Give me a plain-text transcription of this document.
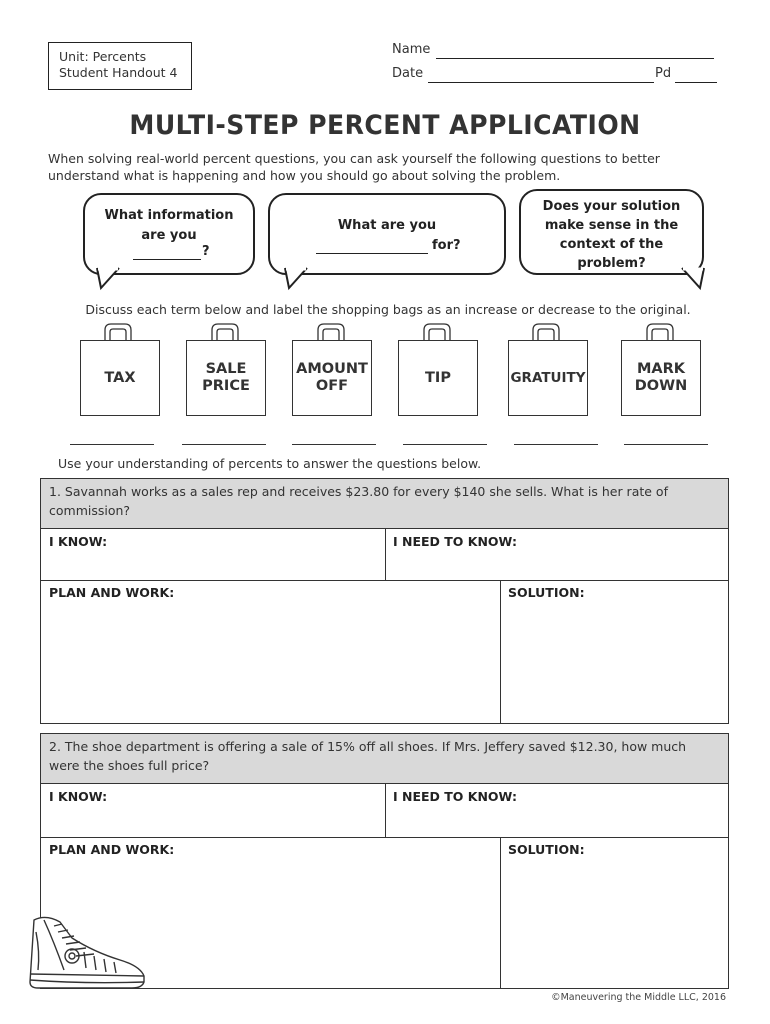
Unit: Percents
Student Handout 4
Name
Date	Pd
MULTI-STEP PERCENT APPLICATION
When solving real-world percent questions, you can ask yourself the following questions to better understand what is happening and how you should go about solving the problem.
What information
are you
?
What are you
for?
Does your solution
make sense in the
context of the
problem?
Discuss each term below and label the shopping bags as an increase or decrease to the original.
TAX
SALE
PRICE
AMOUNT
OFF
TIP	GRATUITY
MARK
DOWN
Use your understanding of percents to answer the questions below.
1. Savannah works as a sales rep and receives $23.80 for every $140 she sells. What is her rate of commission?
I KNOW:	I NEED TO KNOW:
PLAN AND WORK:	SOLUTION:
2. The shoe department is offering a sale of 15% off all shoes. If Mrs. Jeffery saved $12.30, how much were the shoes full price?
I KNOW:	I NEED TO KNOW:
PLAN AND WORK:	SOLUTION:
©Maneuvering the Middle LLC, 2016
